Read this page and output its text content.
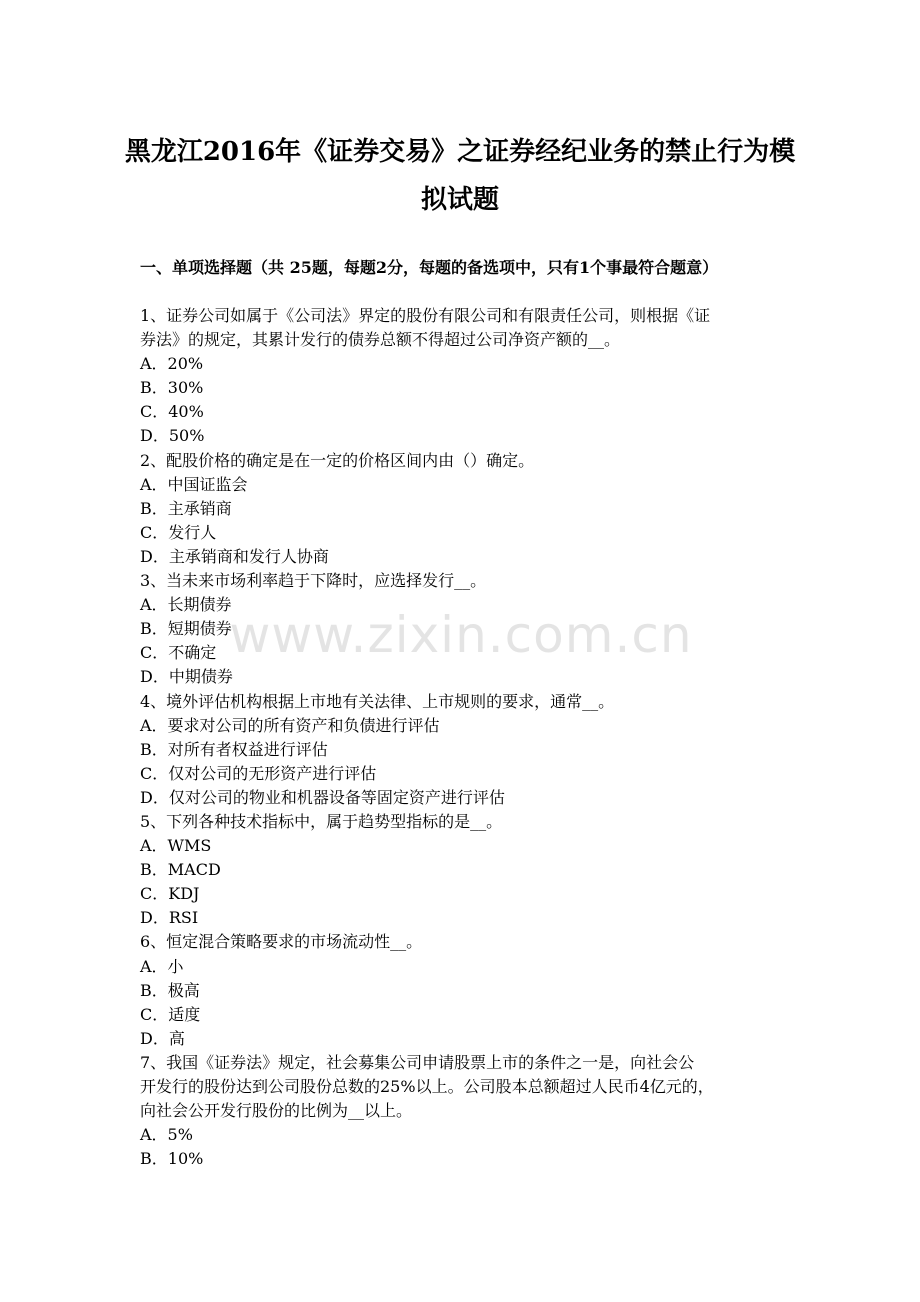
黑龙江2016年《证券交易》之证券经纪业务的禁止行为模
拟试题
一、单项选择题（共 25题，每题2分，每题的备选项中，只有1个事最符合题意）
1、证券公司如属于《公司法》界定的股份有限公司和有限责任公司，则根据《证
券法》的规定，其累计发行的债券总额不得超过公司净资产额的__。
A．20%
B．30%
C．40%
D．50%
2、配股价格的确定是在一定的价格区间内由（）确定。
A．中国证监会
B．主承销商
C．发行人
D．主承销商和发行人协商
3、当未来市场利率趋于下降时，应选择发行__。
A．长期债券
B．短期债券
C．不确定
D．中期债券
4、境外评估机构根据上市地有关法律、上市规则的要求，通常__。
A．要求对公司的所有资产和负债进行评估
B．对所有者权益进行评估
C．仅对公司的无形资产进行评估
D．仅对公司的物业和机器设备等固定资产进行评估
5、下列各种技术指标中，属于趋势型指标的是__。
A．WMS
B．MACD
C．KDJ
D．RSI
6、恒定混合策略要求的市场流动性__。
A．小
B．极高
C．适度
D．高
7、我国《证券法》规定，社会募集公司申请股票上市的条件之一是，向社会公
开发行的股份达到公司股份总数的25%以上。公司股本总额超过人民币4亿元的，
向社会公开发行股份的比例为__以上。
A．5%
B．10%
www.zixin.com.cn
